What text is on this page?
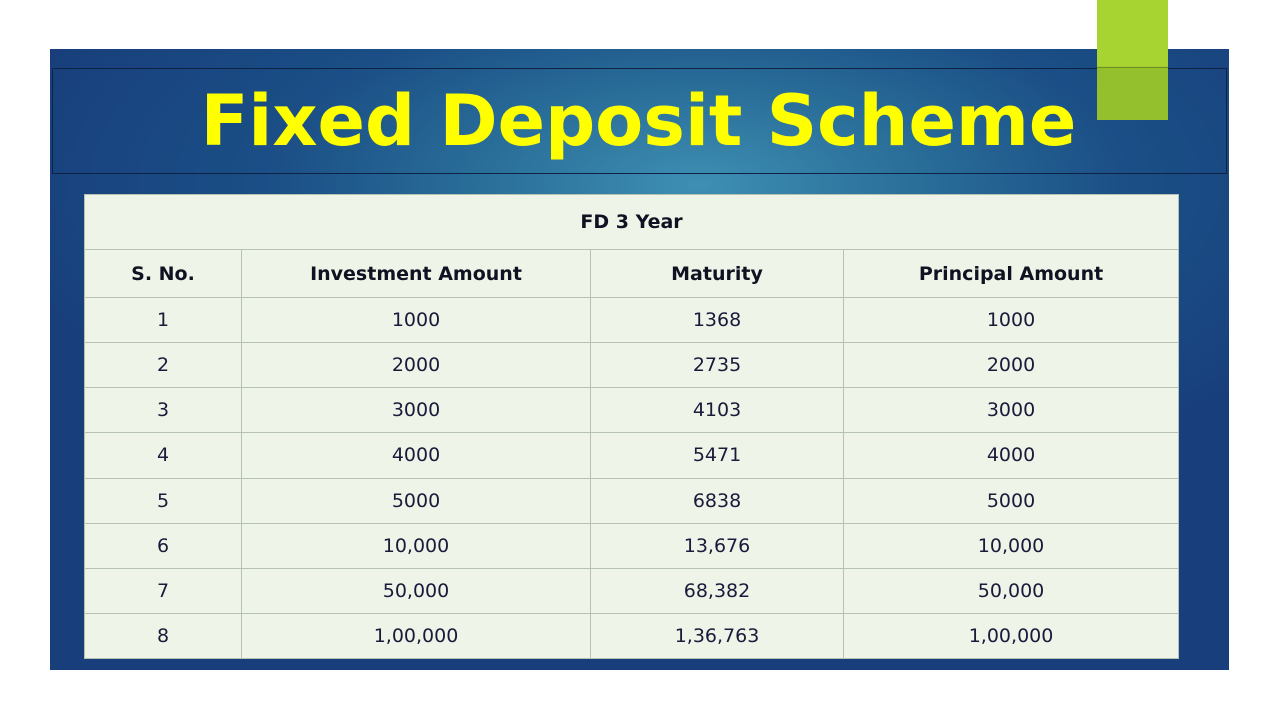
Fixed Deposit Scheme
FD 3 Year			
S. No.	Investment Amount	Maturity	Principal Amount
1	1000	1368	1000
2	2000	2735	2000
3	3000	4103	3000
4	4000	5471	4000
5	5000	6838	5000
6	10,000	13,676	10,000
7	50,000	68,382	50,000
8	1,00,000	1,36,763	1,00,000
